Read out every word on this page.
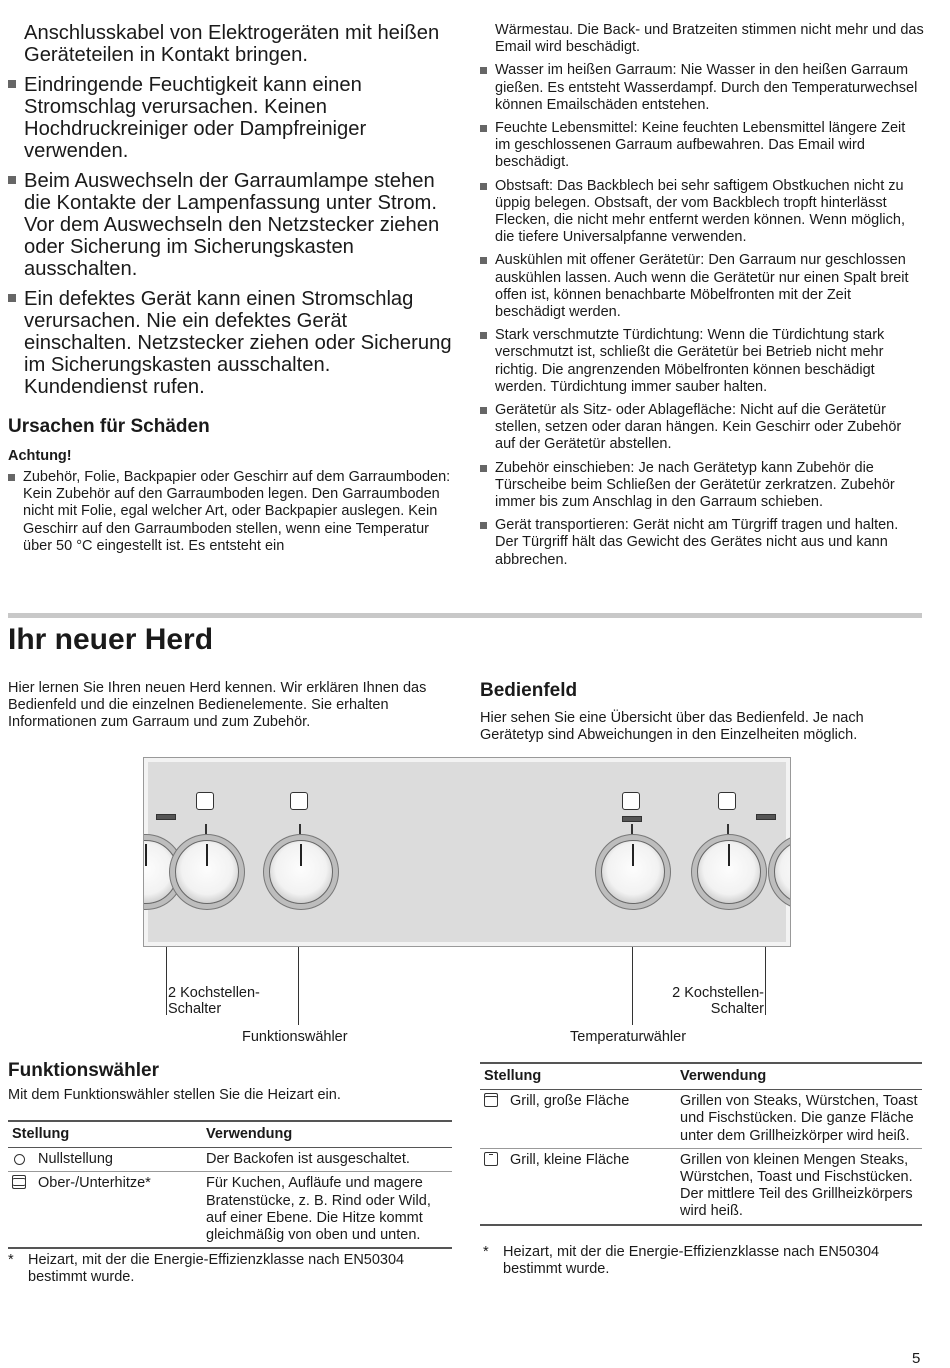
Anschlusskabel von Elektrogeräten mit heißen Geräteteilen in Kontakt bringen.

Eindringende Feuchtigkeit kann einen Stromschlag verursachen. Keinen Hochdruckreiniger oder Dampfreiniger verwenden.
Beim Auswechseln der Garraumlampe stehen die Kontakte der Lampenfassung unter Strom. Vor dem Auswechseln den Netzstecker ziehen oder Sicherung im Sicherungskasten ausschalten.
Ein defektes Gerät kann einen Stromschlag verursachen. Nie ein defektes Gerät einschalten. Netzstecker ziehen oder Sicherung im Sicherungskasten ausschalten. Kundendienst rufen.
Ursachen für Schäden
Achtung!
Zubehör, Folie, Backpapier oder Geschirr auf dem Garraumboden: Kein Zubehör auf den Garraumboden legen. Den Garraumboden nicht mit Folie, egal welcher Art, oder Backpapier auslegen. Kein Geschirr auf den Garraumboden stellen, wenn eine Temperatur über 50 °C eingestellt ist. Es entsteht ein

Wärmestau. Die Back- und Bratzeiten stimmen nicht mehr und das Email wird beschädigt.

Wasser im heißen Garraum: Nie Wasser in den heißen Garraum gießen. Es entsteht Wasserdampf. Durch den Temperaturwechsel können Emailschäden entstehen.
Feuchte Lebensmittel: Keine feuchten Lebensmittel längere Zeit im geschlossenen Garraum aufbewahren. Das Email wird beschädigt.
Obstsaft: Das Backblech bei sehr saftigem Obstkuchen nicht zu üppig belegen. Obstsaft, der vom Backblech tropft hinterlässt Flecken, die nicht mehr entfernt werden können. Wenn möglich, die tiefere Universalpfanne verwenden.
Auskühlen mit offener Gerätetür: Den Garraum nur geschlossen auskühlen lassen. Auch wenn die Gerätetür nur einen Spalt breit offen ist, können benachbarte Möbelfronten mit der Zeit beschädigt werden.
Stark verschmutzte Türdichtung: Wenn die Türdichtung stark verschmutzt ist, schließt die Gerätetür bei Betrieb nicht mehr richtig. Die angrenzenden Möbelfronten können beschädigt werden. Türdichtung immer sauber halten.
Gerätetür als Sitz- oder Ablagefläche: Nicht auf die Gerätetür stellen, setzen oder daran hängen. Kein Geschirr oder Zubehör auf der Gerätetür abstellen.
Zubehör einschieben: Je nach Gerätetyp kann Zubehör die Türscheibe beim Schließen der Gerätetür zerkratzen. Zubehör immer bis zum Anschlag in den Garraum schieben.
Gerät transportieren: Gerät nicht am Türgriff tragen und halten. Der Türgriff hält das Gewicht des Gerätes nicht aus und kann abbrechen.
Ihr neuer Herd
Hier lernen Sie Ihren neuen Herd kennen. Wir erklären Ihnen das Bedienfeld und die einzelnen Bedienelemente. Sie erhalten Informationen zum Garraum und zum Zubehör.
Bedienfeld
Hier sehen Sie eine Übersicht über das Bedienfeld. Je nach Gerätetyp sind Abweichungen in den Einzelheiten möglich.
2 Kochstellen-
Schalter
2 Kochstellen-
Schalter
Funktionswähler	Temperaturwähler
Funktionswähler
Mit dem Funktionswähler stellen Sie die Heizart ein.
Stellung	Verwendung
Nullstellung	Der Backofen ist ausgeschaltet.
Ober-/Unterhitze*	Für Kuchen, Aufläufe und magere Bratenstücke, z. B. Rind oder Wild, auf einer Ebene. Die Hitze kommt gleichmäßig von oben und unten.
* Heizart, mit der die Energie-Effizienzklasse nach EN50304 bestimmt wurde.
Stellung	Verwendung
Grill, große Fläche	Grillen von Steaks, Würstchen, Toast und Fischstücken. Die ganze Fläche unter dem Grillheizkörper wird heiß.

Grill, kleine Fläche	Grillen von kleinen Mengen Steaks, Würstchen, Toast und Fischstücken. Der mittlere Teil des Grillheizkörpers wird heiß.
* Heizart, mit der die Energie-Effizienzklasse nach EN50304 bestimmt wurde.
5
